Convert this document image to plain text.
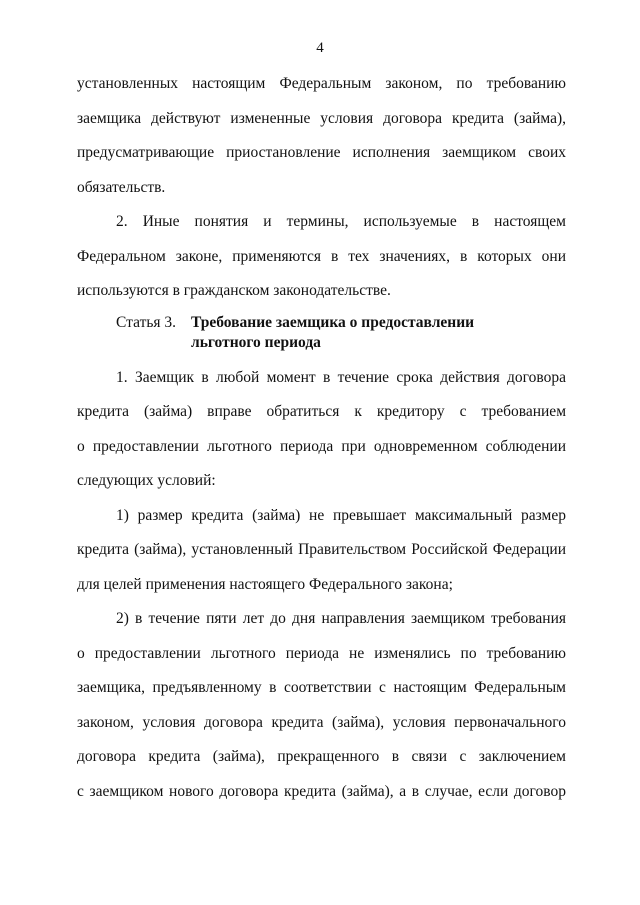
4

установленных настоящим Федеральным законом, по требованию

заемщика действуют измененные условия договора кредита (займа),

предусматривающие приостановление исполнения заемщиком своих

обязательств.

2. Иные понятия и термины, используемые в настоящем

Федеральном законе, применяются в тех значениях, в которых они

используются в гражданском законодательстве.

Статья 3. Требование заемщика о предоставлении льготного периода

1. Заемщик в любой момент в течение срока действия договора

кредита (займа) вправе обратиться к кредитору с требованием

о предоставлении льготного периода при одновременном соблюдении

следующих условий:

1) размер кредита (займа) не превышает максимальный размер

кредита (займа), установленный Правительством Российской Федерации

для целей применения настоящего Федерального закона;

2) в течение пяти лет до дня направления заемщиком требования

о предоставлении льготного периода не изменялись по требованию

заемщика, предъявленному в соответствии с настоящим Федеральным

законом, условия договора кредита (займа), условия первоначального

договора кредита (займа), прекращенного в связи с заключением

с заемщиком нового договора кредита (займа), а в случае, если договор
